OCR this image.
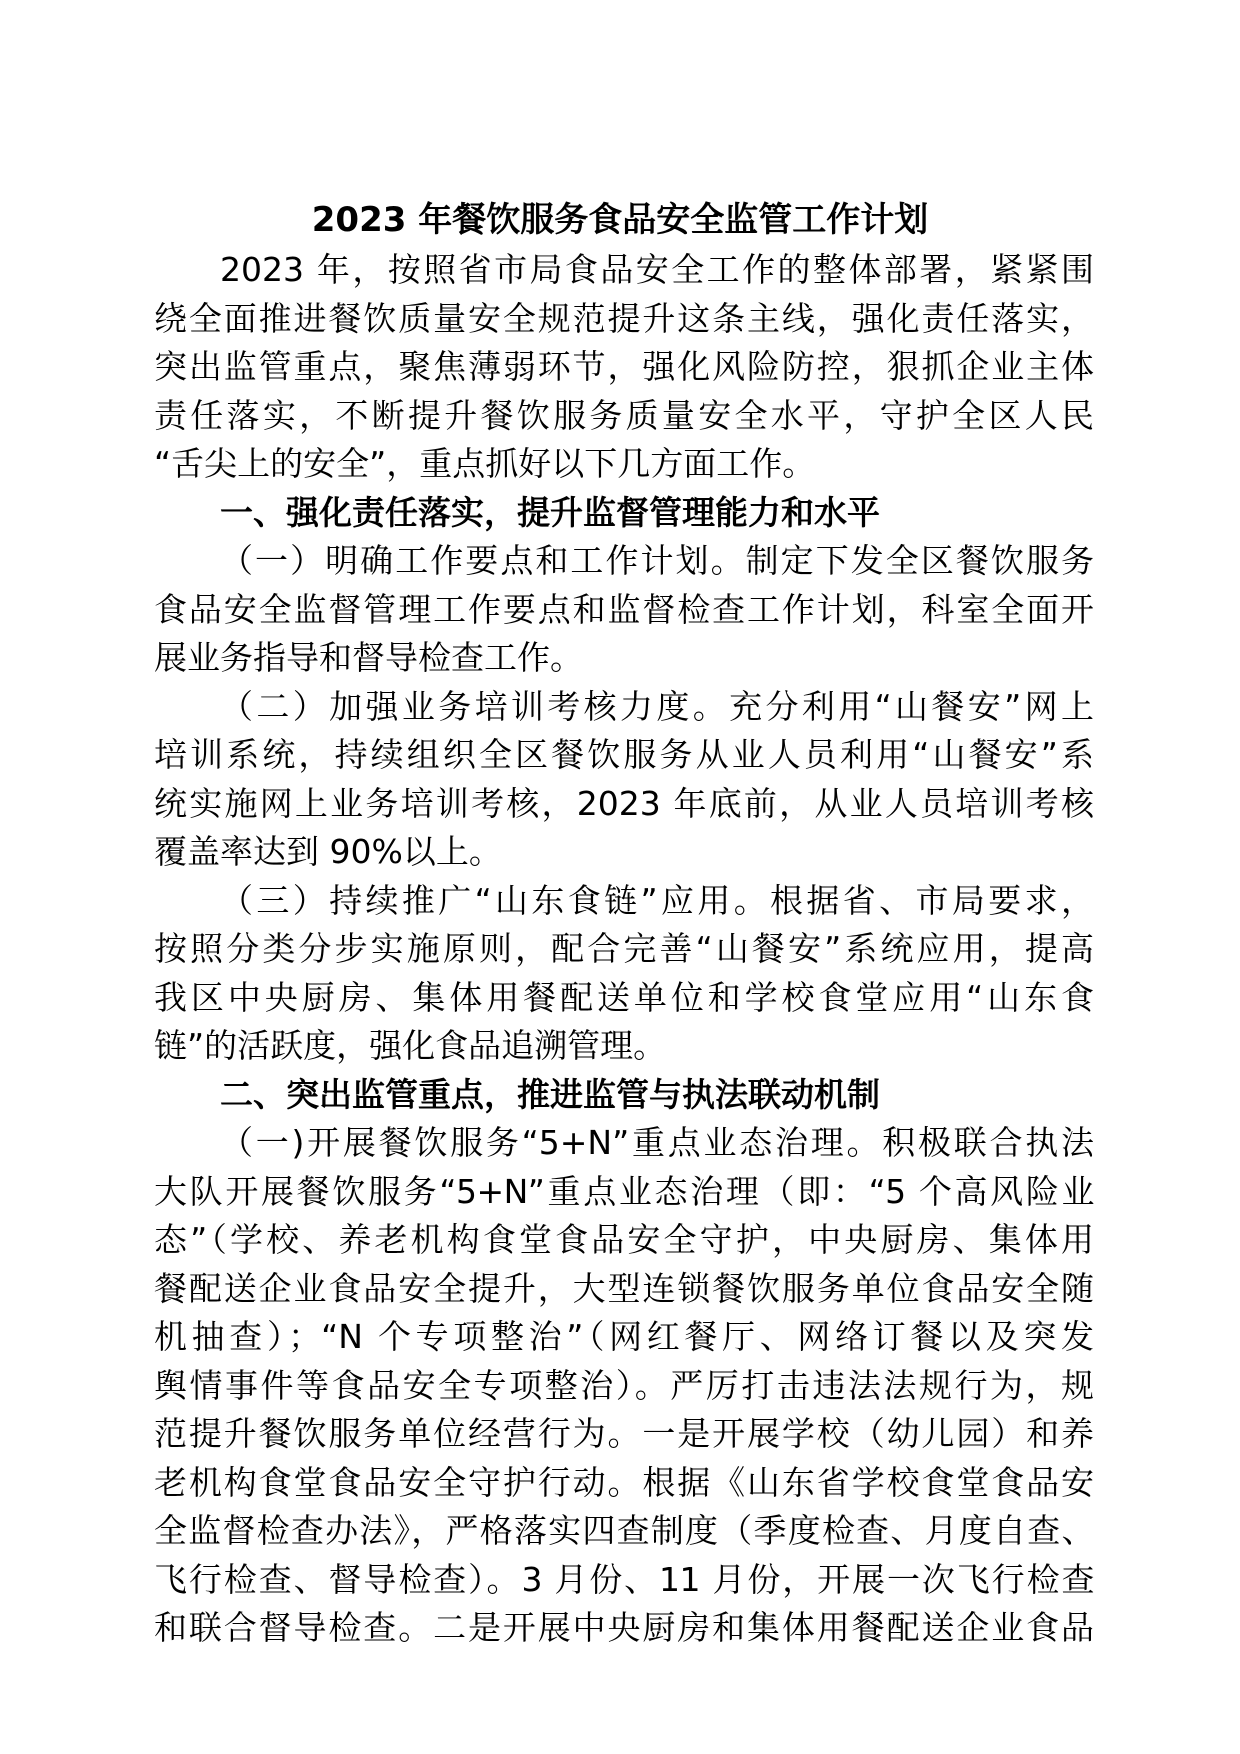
2023 年餐饮服务食品安全监管工作计划
2023 年，按照省市局食品安全工作的整体部署，紧紧围
绕全面推进餐饮质量安全规范提升这条主线，强化责任落实，
突出监管重点，聚焦薄弱环节，强化风险防控，狠抓企业主体
责任落实，不断提升餐饮服务质量安全水平，守护全区人民
“舌尖上的安全”，重点抓好以下几方面工作。
一、强化责任落实，提升监督管理能力和水平
（一）明确工作要点和工作计划。制定下发全区餐饮服务
食品安全监督管理工作要点和监督检查工作计划，科室全面开
展业务指导和督导检查工作。
（二）加强业务培训考核力度。充分利用“山餐安”网上
培训系统，持续组织全区餐饮服务从业人员利用“山餐安”系
统实施网上业务培训考核，2023 年底前，从业人员培训考核
覆盖率达到 90%以上。
（三）持续推广“山东食链”应用。根据省、市局要求，
按照分类分步实施原则，配合完善“山餐安”系统应用，提高
我区中央厨房、集体用餐配送单位和学校食堂应用“山东食
链”的活跃度，强化食品追溯管理。
二、突出监管重点，推进监管与执法联动机制
（一)开展餐饮服务“5+N”重点业态治理。积极联合执法
大队开展餐饮服务“5+N”重点业态治理（即：“5 个高风险业
态”（学校、养老机构食堂食品安全守护，中央厨房、集体用
餐配送企业食品安全提升，大型连锁餐饮服务单位食品安全随
机抽查）；“N 个专项整治”（网红餐厅、网络订餐以及突发
舆情事件等食品安全专项整治）。严厉打击违法法规行为，规
范提升餐饮服务单位经营行为。一是开展学校（幼儿园）和养
老机构食堂食品安全守护行动。根据《山东省学校食堂食品安
全监督检查办法》，严格落实四查制度（季度检查、月度自查、
飞行检查、督导检查）。3 月份、11 月份，开展一次飞行检查
和联合督导检查。二是开展中央厨房和集体用餐配送企业食品
